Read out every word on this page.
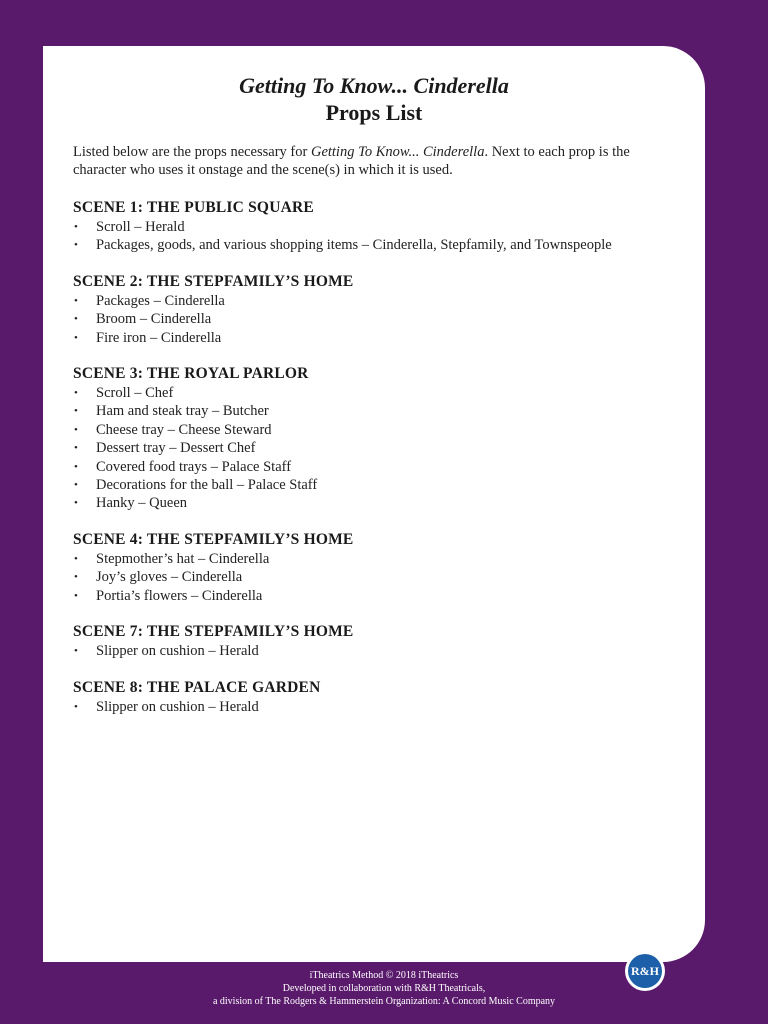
Getting To Know... Cinderella
Props List
Listed below are the props necessary for Getting To Know... Cinderella. Next to each prop is the character who uses it onstage and the scene(s) in which it is used.
SCENE 1: THE PUBLIC SQUARE
• Scroll – Herald
• Packages, goods, and various shopping items – Cinderella, Stepfamily, and Townspeople
SCENE 2: THE STEPFAMILY’S HOME
• Packages – Cinderella
• Broom – Cinderella
• Fire iron – Cinderella
SCENE 3: THE ROYAL PARLOR
• Scroll – Chef
• Ham and steak tray – Butcher
• Cheese tray – Cheese Steward
• Dessert tray – Dessert Chef
• Covered food trays – Palace Staff
• Decorations for the ball – Palace Staff
• Hanky – Queen
SCENE 4: THE STEPFAMILY’S HOME
• Stepmother’s hat – Cinderella
• Joy’s gloves – Cinderella
• Portia’s flowers – Cinderella
SCENE 7: THE STEPFAMILY’S HOME
• Slipper on cushion – Herald
SCENE 8: THE PALACE GARDEN
• Slipper on cushion – Herald
iTheatrics Method © 2018 iTheatrics
Developed in collaboration with R&H Theatricals,
a division of The Rodgers & Hammerstein Organization: A Concord Music Company
R&H
